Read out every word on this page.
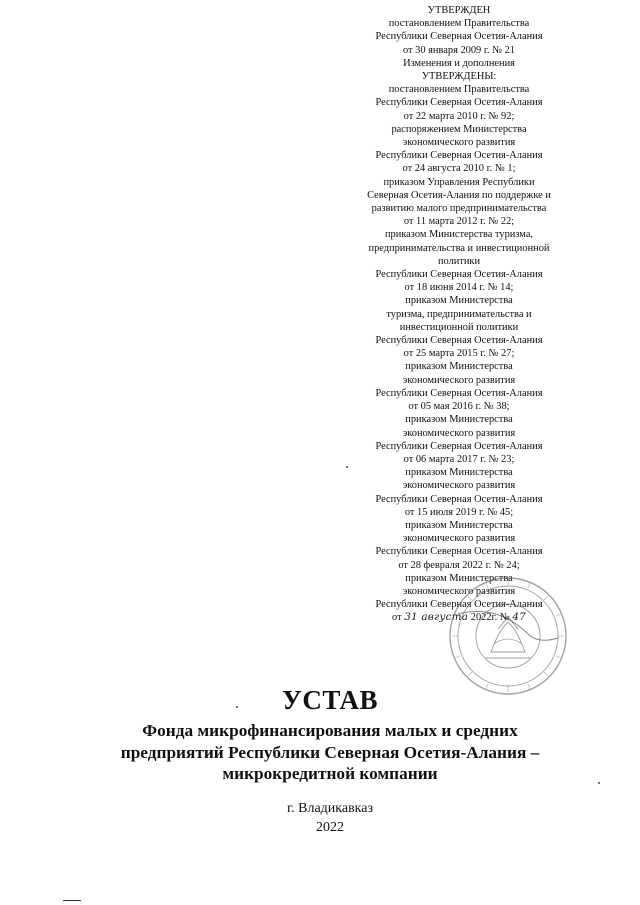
УТВЕРЖДЕН
постановлением Правительства
Республики Северная Осетия-Алания
от 30 января 2009 г. № 21
Изменения и дополнения
УТВЕРЖДЕНЫ:
постановлением Правительства
Республики Северная Осетия-Алания
от 22 марта 2010 г. № 92;
распоряжением Министерства
экономического развития
Республики Северная Осетия-Алания
от 24 августа 2010 г. № 1;
приказом Управления Республики
Северная Осетия-Алания по поддержке и
развитию малого предпринимательства
от 11 марта 2012 г. № 22;
приказом Министерства туризма,
предпринимательства и инвестиционной
политики
Республики Северная Осетия-Алания
от 18 июня 2014 г. № 14;
приказом Министерства
туризма, предпринимательства и
инвестиционной политики
Республики Северная Осетия-Алания
от 25 марта 2015 г. № 27;
приказом Министерства
экономического развития
Республики Северная Осетия-Алания
от 05 мая 2016 г. № 38;
приказом Министерства
экономического развития
Республики Северная Осетия-Алания
от 06 марта 2017 г. № 23;
приказом Министерства
экономического развития
Республики Северная Осетия-Алания
от 15 июля 2019 г. № 45;
приказом Министерства
экономического развития
Республики Северная Осетия-Алания
от 28 февраля 2022 г. № 24;
приказом Министерства
экономического развития
Республики Северная Осетия-Алания
от 31 августа 2022г. № 47
УСТАВ
Фонда микрофинансирования малых и средних
предприятий Республики Северная Осетия-Алания –
микрокредитной компании
г. Владикавказ
2022
